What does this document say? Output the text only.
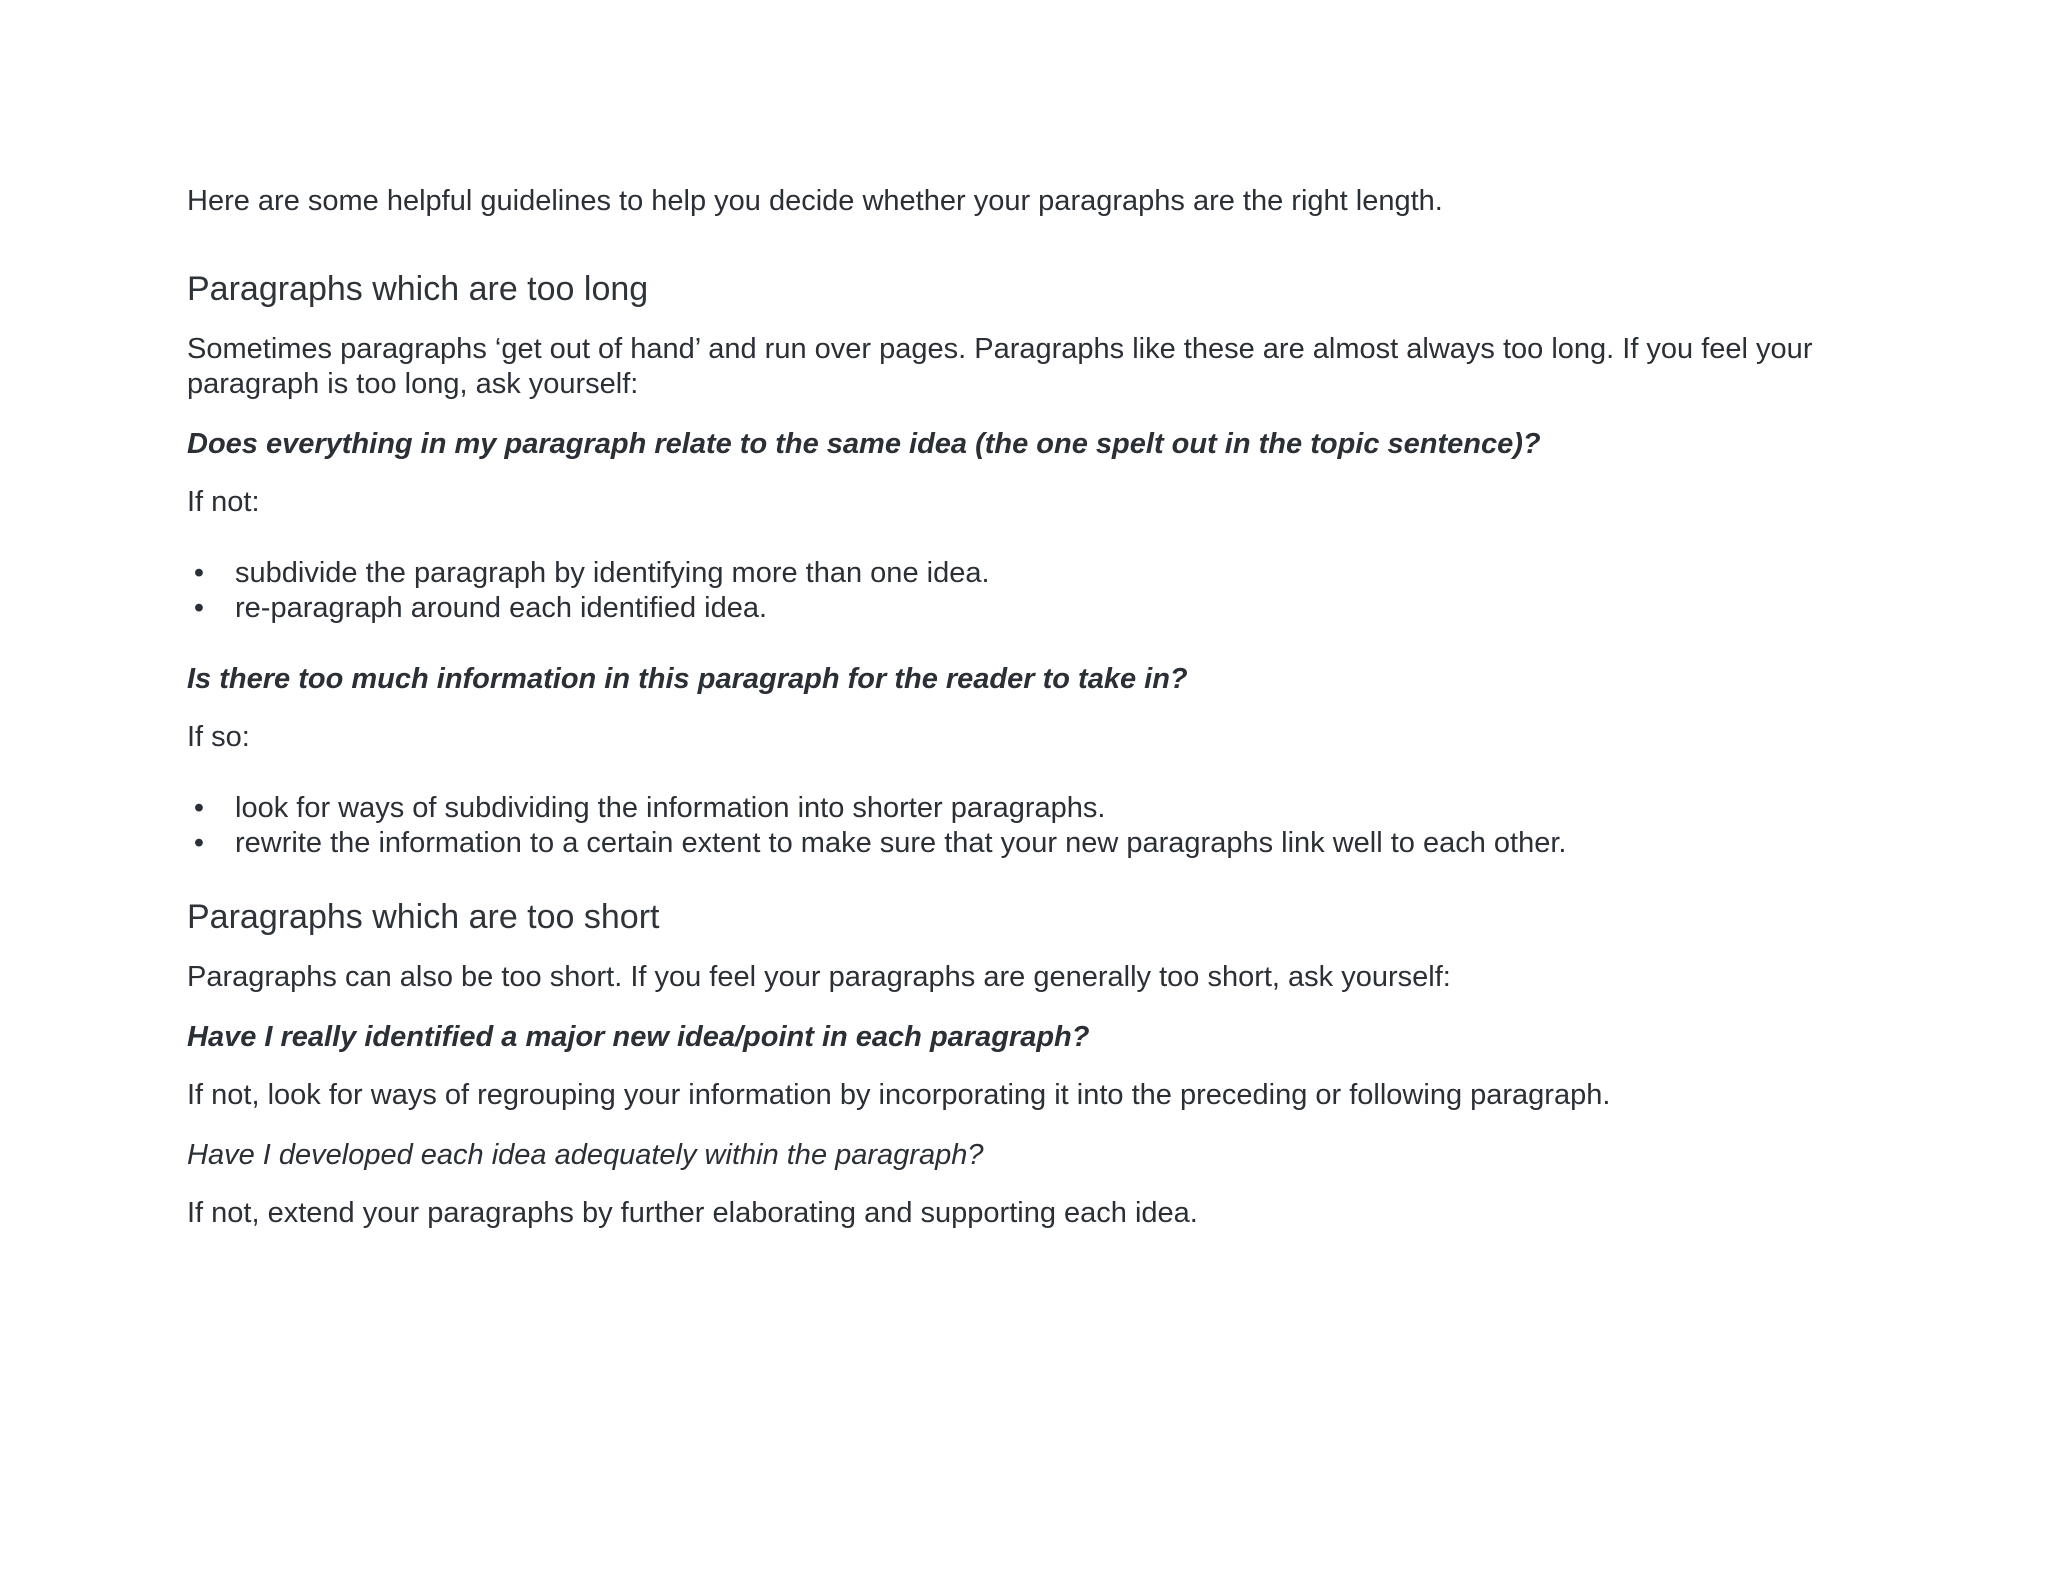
Here are some helpful guidelines to help you decide whether your paragraphs are the right length.

Paragraphs which are too long

Sometimes paragraphs ‘get out of hand’ and run over pages. Paragraphs like these are almost always too long. If you feel your paragraph is too long, ask yourself:

Does everything in my paragraph relate to the same idea (the one spelt out in the topic sentence)?

If not:

• subdivide the paragraph by identifying more than one idea.
• re-paragraph around each identified idea.

Is there too much information in this paragraph for the reader to take in?

If so:

• look for ways of subdividing the information into shorter paragraphs.
• rewrite the information to a certain extent to make sure that your new paragraphs link well to each other.
Paragraphs which are too short

Paragraphs can also be too short. If you feel your paragraphs are generally too short, ask yourself:

Have I really identified a major new idea/point in each paragraph?

If not, look for ways of regrouping your information by incorporating it into the preceding or following paragraph.

Have I developed each idea adequately within the paragraph?

If not, extend your paragraphs by further elaborating and supporting each idea.
